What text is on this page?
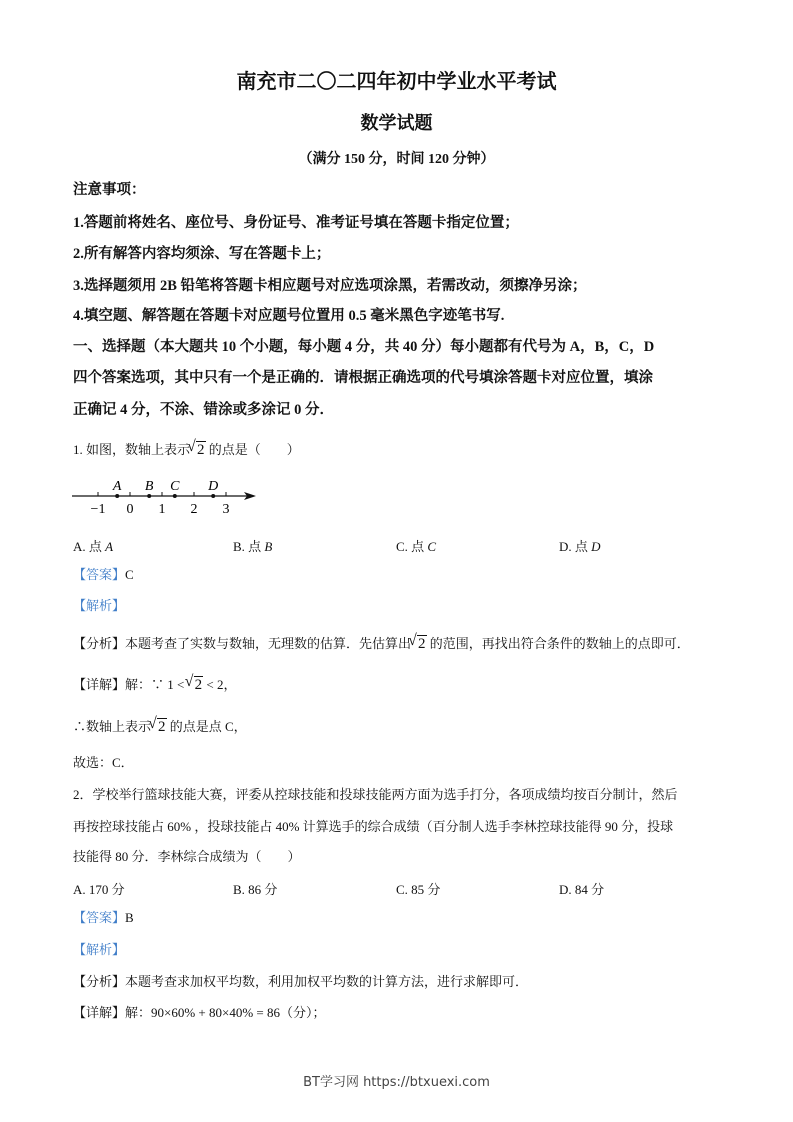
南充市二〇二四年初中学业水平考试
数学试题
（满分 150 分，时间 120 分钟）
注意事项：
1.答题前将姓名、座位号、身份证号、准考证号填在答题卡指定位置；
2.所有解答内容均须涂、写在答题卡上；
3.选择题须用 2B 铅笔将答题卡相应题号对应选项涂黑，若需改动，须擦净另涂；
4.填空题、解答题在答题卡对应题号位置用 0.5 毫米黑色字迹笔书写.
一、选择题（本大题共 10 个小题，每小题 4 分，共 40 分）每小题都有代号为 A，B，C，D
四个答案选项，其中只有一个是正确的．请根据正确选项的代号填涂答题卡对应位置，填涂
正确记 4 分，不涂、错涂或多涂记 0 分．
1. 如图，数轴上表示 √ 2 的点是（　　）
−1 0 1 2 3
A B C D
A. 点 A	B. 点 B	C. 点 C	D. 点 D
【答案】C
【解析】
【分析】本题考查了实数与数轴，无理数的估算．先估算出 √ 2 的范围，再找出符合条件的数轴上的点即可．
【详解】解：∵ 1 < √ 2 < 2，
∴数轴上表示 √ 2 的点是点 C，
故选：C．
2．学校举行篮球技能大赛，评委从控球技能和投球技能两方面为选手打分，各项成绩均按百分制计，然后
再按控球技能占 60% ，投球技能占 40% 计算选手的综合成绩（百分制人选手李林控球技能得 90 分，投球
技能得 80 分．李林综合成绩为（　　）
A. 170 分	B. 86 分	C. 85 分	D. 84 分
【答案】B
【解析】
【分析】本题考查求加权平均数，利用加权平均数的计算方法，进行求解即可．
【详解】解：90×60% + 80×40% = 86（分）；
BT学习网 https://btxuexi.com
